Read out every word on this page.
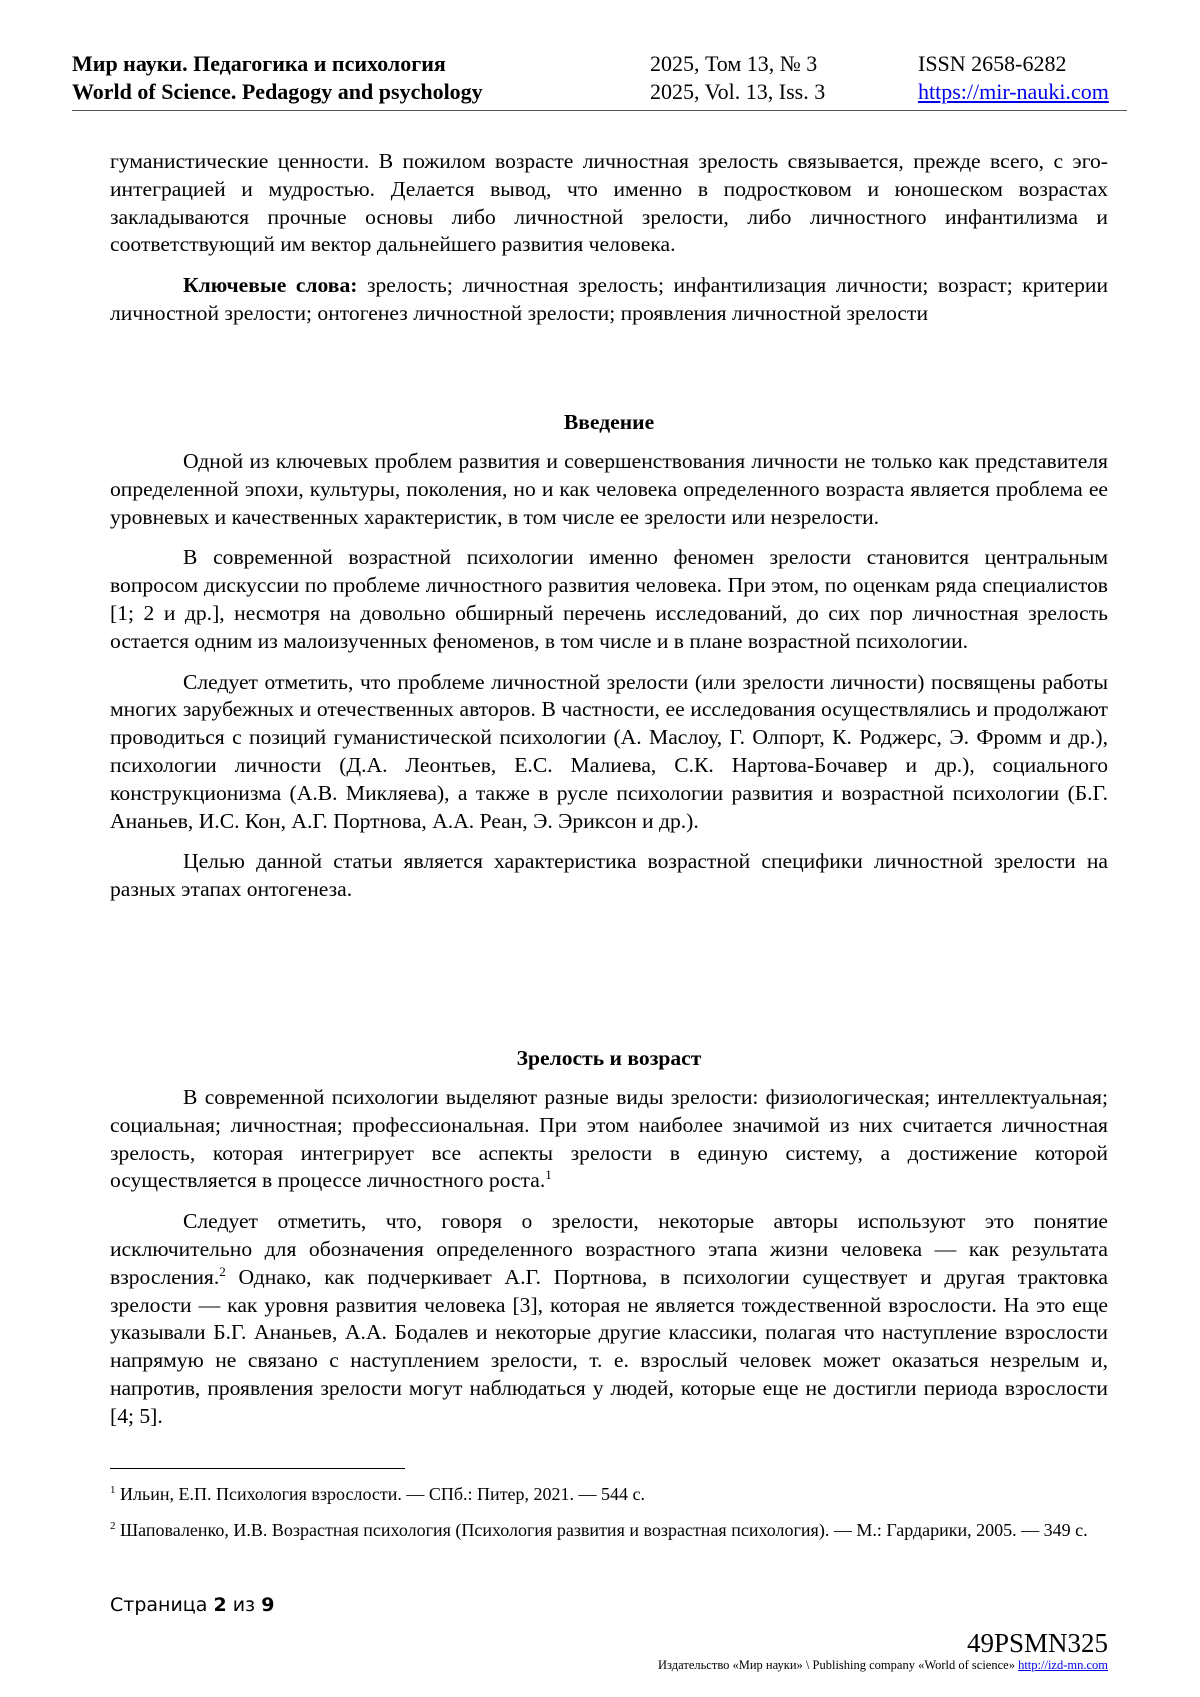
Мир науки. Педагогика и психология
World of Science. Pedagogy and psychology
2025, Том 13, № 3
2025, Vol. 13, Iss. 3
ISSN 2658-6282
https://mir-nauki.com

гуманистические ценности. В пожилом возрасте личностная зрелость связывается, прежде всего, с эго-интеграцией и мудростью. Делается вывод, что именно в подростковом и юношеском возрастах закладываются прочные основы либо личностной зрелости, либо личностного инфантилизма и соответствующий им вектор дальнейшего развития человека.

Ключевые слова: зрелость; личностная зрелость; инфантилизация личности; возраст; критерии личностной зрелости; онтогенез личностной зрелости; проявления личностной зрелости

Введение

Одной из ключевых проблем развития и совершенствования личности не только как представителя определенной эпохи, культуры, поколения, но и как человека определенного возраста является проблема ее уровневых и качественных характеристик, в том числе ее зрелости или незрелости.

В современной возрастной психологии именно феномен зрелости становится центральным вопросом дискуссии по проблеме личностного развития человека. При этом, по оценкам ряда специалистов [1; 2 и др.], несмотря на довольно обширный перечень исследований, до сих пор личностная зрелость остается одним из малоизученных феноменов, в том числе и в плане возрастной психологии.

Следует отметить, что проблеме личностной зрелости (или зрелости личности) посвящены работы многих зарубежных и отечественных авторов. В частности, ее исследования осуществлялись и продолжают проводиться с позиций гуманистической психологии (А. Маслоу, Г. Олпорт, К. Роджерс, Э. Фромм и др.), психологии личности (Д.А. Леонтьев, Е.С. Малиева, С.К. Нартова-Бочавер и др.), социального конструкционизма (А.В. Микляева), а также в русле психологии развития и возрастной психологии (Б.Г. Ананьев, И.С. Кон, А.Г. Портнова, А.А. Реан, Э. Эриксон и др.).

Целью данной статьи является характеристика возрастной специфики личностной зрелости на разных этапах онтогенеза.

Зрелость и возраст

В современной психологии выделяют разные виды зрелости: физиологическая; интеллектуальная; социальная; личностная; профессиональная. При этом наиболее значимой из них считается личностная зрелость, которая интегрирует все аспекты зрелости в единую систему, а достижение которой осуществляется в процессе личностного роста.$^1$

Следует отметить, что, говоря о зрелости, некоторые авторы используют это понятие исключительно для обозначения определенного возрастного этапа жизни человека — как результата взросления.$^2$ Однако, как подчеркивает А.Г. Портнова, в психологии существует и другая трактовка зрелости — как уровня развития человека [3], которая не является тождественной взрослости. На это еще указывали Б.Г. Ананьев, А.А. Бодалев и некоторые другие классики, полагая что наступление взрослости напрямую не связано с наступлением зрелости, т. е. взрослый человек может оказаться незрелым и, напротив, проявления зрелости могут наблюдаться у людей, которые еще не достигли периода взрослости [4; 5].

$^1$ Ильин, Е.П. Психология взрослости. — СПб.: Питер, 2021. — 544 с.
$^2$ Шаповаленко, И.В. Возрастная психология (Психология развития и возрастная психология). — М.: Гардарики, 2005. — 349 с.
Страница 2 из 9
49PSMN325
Издательство «Мир науки» \ Publishing company «World of science» http://izd-mn.com
